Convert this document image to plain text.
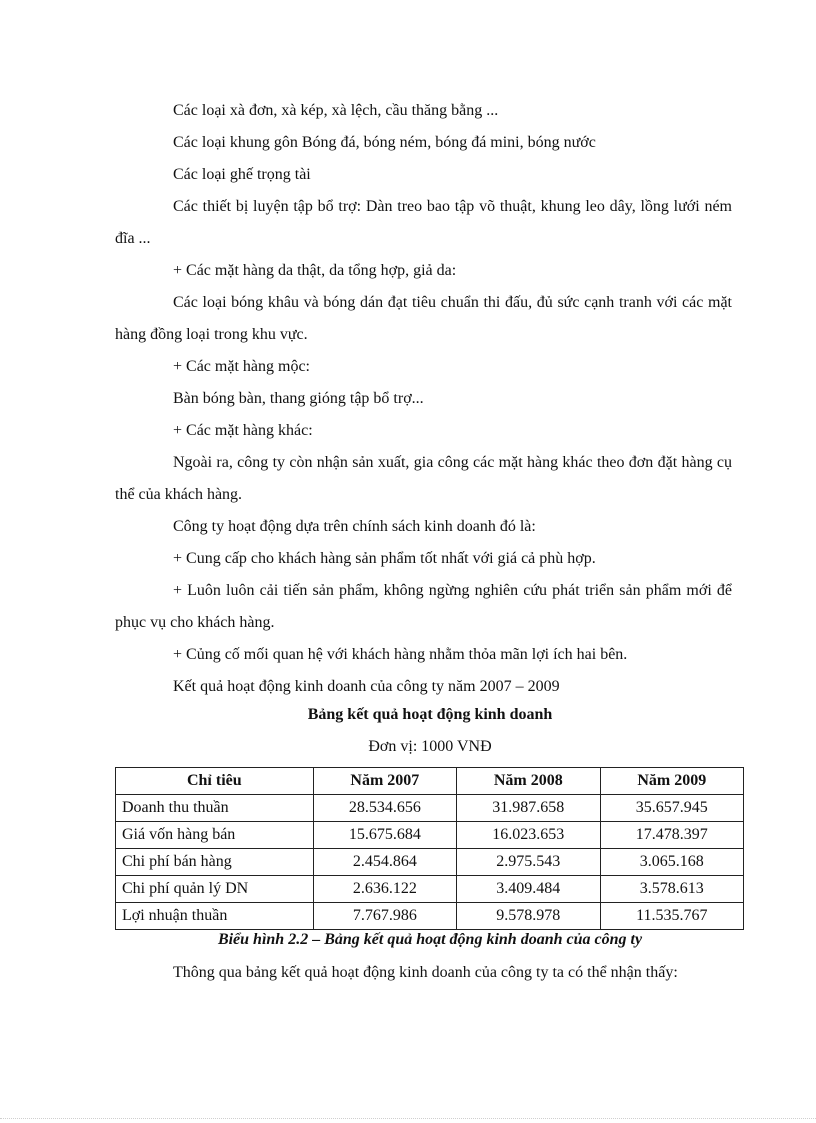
Các loại xà đơn, xà kép, xà lệch, cầu thăng bằng ...

Các loại khung gôn Bóng đá, bóng ném, bóng đá mini, bóng nước

Các loại ghế trọng tài

Các thiết bị luyện tập bổ trợ: Dàn treo bao tập võ thuật, khung leo dây, lồng lưới ném đĩa ...

+ Các mặt hàng da thật, da tổng hợp, giả da:

Các loại bóng khâu và bóng dán đạt tiêu chuẩn thi đấu, đủ sức cạnh tranh với các mặt hàng đồng loại trong khu vực.

+ Các mặt hàng mộc:

Bàn bóng bàn, thang gióng tập bổ trợ...

+ Các mặt hàng khác:

Ngoài ra, công ty còn nhận sản xuất, gia công các mặt hàng khác theo đơn đặt hàng cụ thể của khách hàng.

Công ty hoạt động dựa trên chính sách kinh doanh đó là:

+ Cung cấp cho khách hàng sản phẩm tốt nhất với giá cả phù hợp.

+ Luôn luôn cải tiến sản phẩm, không ngừng nghiên cứu phát triển sản phẩm mới để phục vụ cho khách hàng.

+ Củng cố mối quan hệ với khách hàng nhằm thỏa mãn lợi ích hai bên.

Kết quả hoạt động kinh doanh của công ty năm 2007 – 2009

Bảng kết quả hoạt động kinh doanh

Đơn vị: 1000 VNĐ

Chỉ tiêu	Năm 2007	Năm 2008	Năm 2009
Doanh thu thuần	28.534.656	31.987.658	35.657.945
Giá vốn hàng bán	15.675.684	16.023.653	17.478.397
Chi phí bán hàng	2.454.864	2.975.543	3.065.168
Chi phí quản lý DN	2.636.122	3.409.484	3.578.613
Lợi nhuận thuần	7.767.986	9.578.978	11.535.767

Biểu hình 2.2 – Bảng kết quả hoạt động kinh doanh của công ty

Thông qua bảng kết quả hoạt động kinh doanh của công ty ta có thể nhận thấy:
